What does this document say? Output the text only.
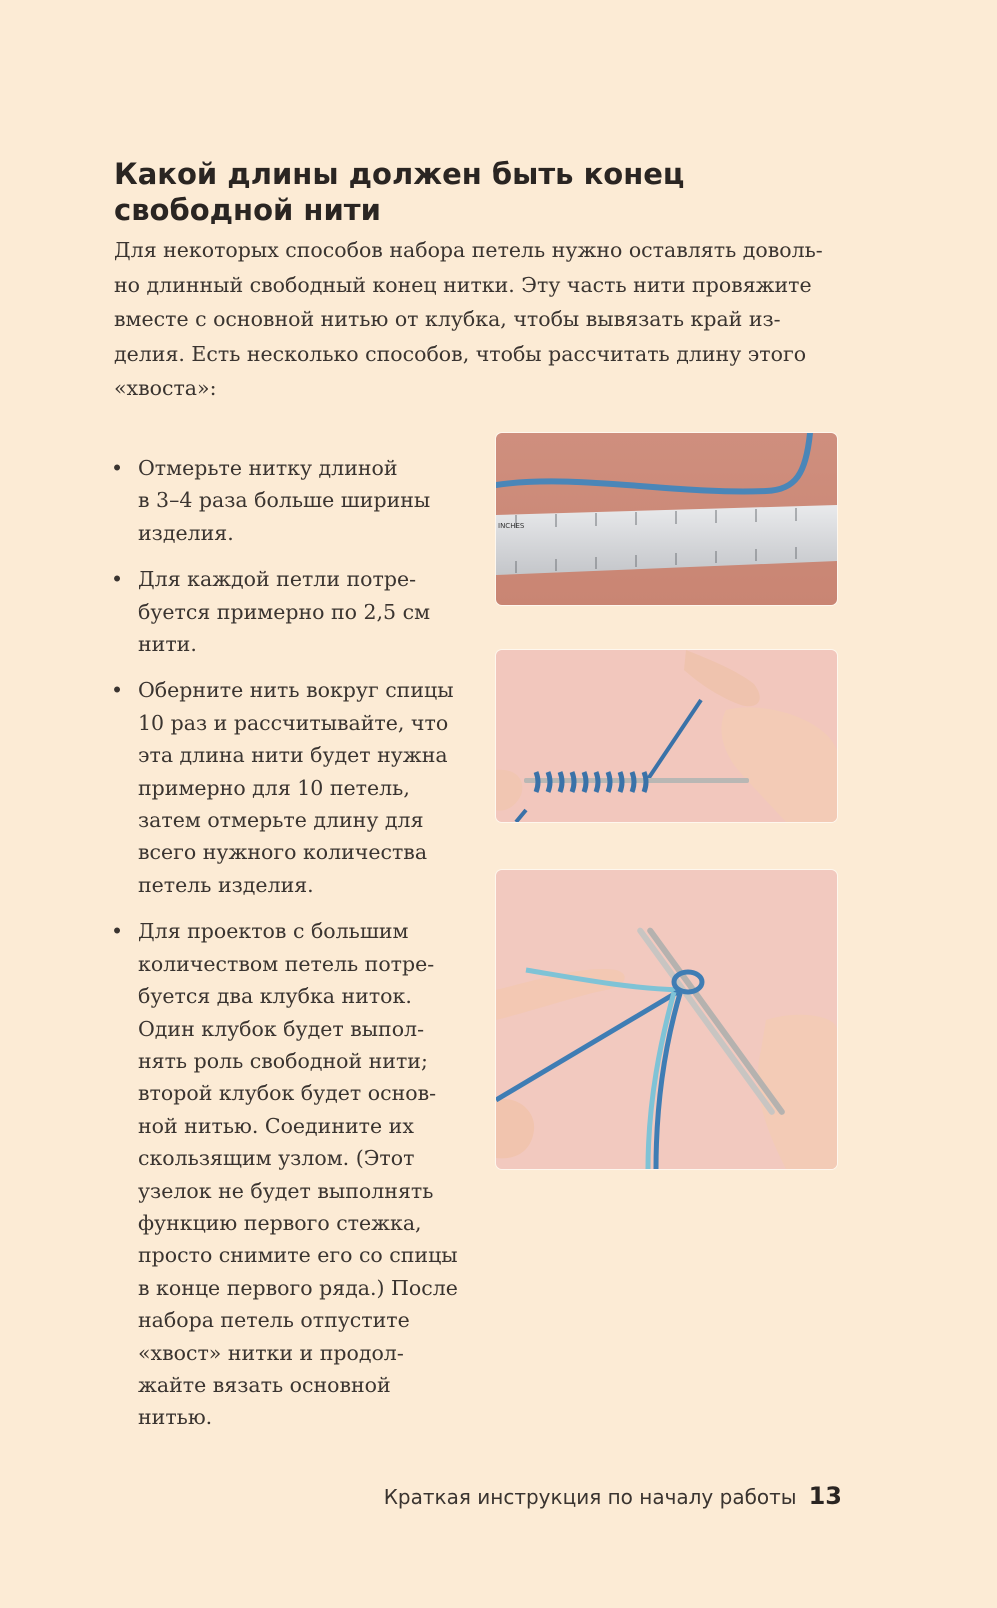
Какой длины должен быть конец
свободной нити
Для некоторых способов набора петель нужно оставлять доволь-
но длинный свободный конец нитки. Эту часть нити провяжите
вместе с основной нитью от клубка, чтобы вывязать край из-
делия. Есть несколько способов, чтобы рассчитать длину этого
«хвоста»:
• Отмерьте нитку длиной
в 3–4 раза больше ширины
изделия.
• Для каждой петли потре-
буется примерно по 2,5 см
нити.
• Оберните нить вокруг спицы
10 раз и рассчитывайте, что
эта длина нити будет нужна
примерно для 10 петель,
затем отмерьте длину для
всего нужного количества
петель изделия.
• Для проектов с большим
количеством петель потре-
буется два клубка ниток.
Один клубок будет выпол-
нять роль свободной нити;
второй клубок будет основ-
ной нитью. Соедините их
скользящим узлом. (Этот
узелок не будет выполнять
функцию первого стежка,
просто снимите его со спицы
в конце первого ряда.) После
набора петель отпустите
«хвост» нитки и продол-
жайте вязать основной
нитью.
INCHES
Краткая инструкция по началу работы 13
